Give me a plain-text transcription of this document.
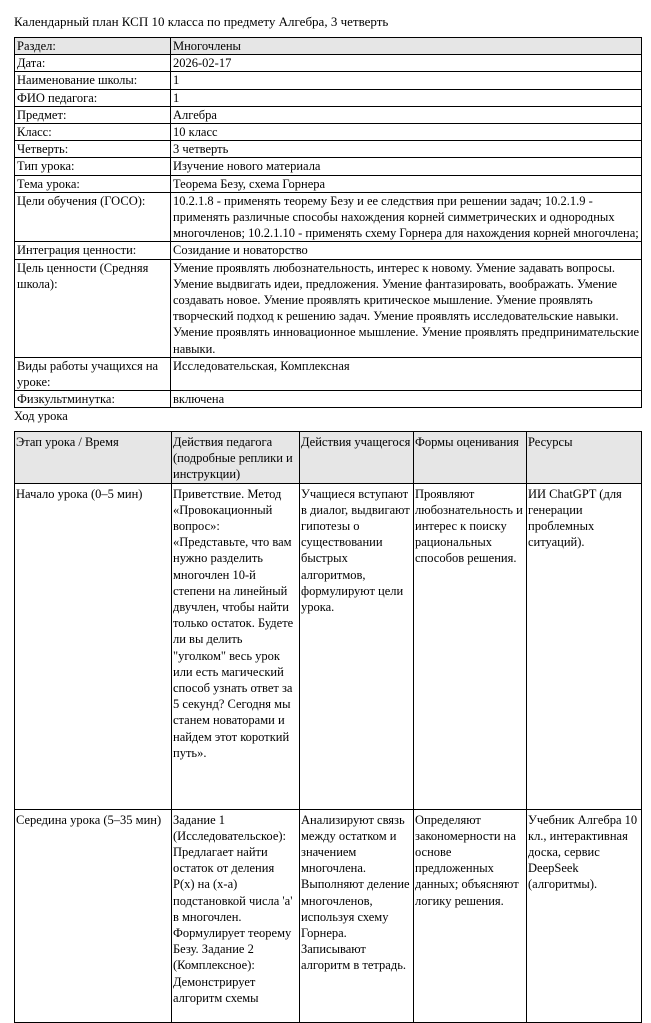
Календарный план КСП 10 класса по предмету Алгебра, 3 четверть
Раздел:	Многочлены
Дата:	2026-02-17
Наименование школы:	1
ФИО педагога:	1
Предмет:	Алгебра
Класс:	10 класс
Четверть:	3 четверть
Тип урока:	Изучение нового материала
Тема урока:	Теорема Безу, схема Горнера
Цели обучения (ГОСО):	10.2.1.8 - применять теорему Безу и ее следствия при решении задач; 10.2.1.9 - применять различные способы нахождения корней симметрических и однородных многочленов; 10.2.1.10 - применять схему Горнера для нахождения корней многочлена;
Интеграция ценности:	Созидание и новаторство
Цель ценности (Средняя школа):	Умение проявлять любознательность, интерес к новому. Умение задавать вопросы. Умение выдвигать идеи, предложения. Умение фантазировать, воображать. Умение создавать новое. Умение проявлять критическое мышление. Умение проявлять творческий подход к решению задач. Умение проявлять исследовательские навыки. Умение проявлять инновационное мышление. Умение проявлять предпринимательские навыки.
Виды работы учащихся на уроке:	Исследовательская, Комплексная
Физкультминутка:	включена
Ход урока
Этап урока / Время	Действия педагога (подробные реплики и инструкции)	Действия учащегося	Формы оценивания	Ресурсы
Начало урока (0–5 мин)	Приветствие. Метод «Провокационный вопрос»: «Представьте, что вам нужно разделить многочлен 10-й степени на линейный двучлен, чтобы найти только остаток. Будете ли вы делить "уголком" весь урок или есть магический способ узнать ответ за 5 секунд? Сегодня мы станем новаторами и найдем этот короткий путь».	Учащиеся вступают в диалог, выдвигают гипотезы о существовании быстрых алгоритмов, формулируют цели урока.	Проявляют любознательность и интерес к поиску рациональных способов решения.	ИИ ChatGPT (для генерации проблемных ситуаций).
Середина урока (5–35 мин)	Задание 1 (Исследовательское): Предлагает найти остаток от деления P(x) на (x-a) подстановкой числа 'a' в многочлен. Формулирует теорему Безу. Задание 2 (Комплексное): Демонстрирует алгоритм схемы	Анализируют связь между остатком и значением многочлена. Выполняют деление многочленов, используя схему Горнера. Записывают алгоритм в тетрадь.	Определяют закономерности на основе предложенных данных; объясняют логику решения.	Учебник Алгебра 10 кл., интерактивная доска, сервис DeepSeek (алгоритмы).
